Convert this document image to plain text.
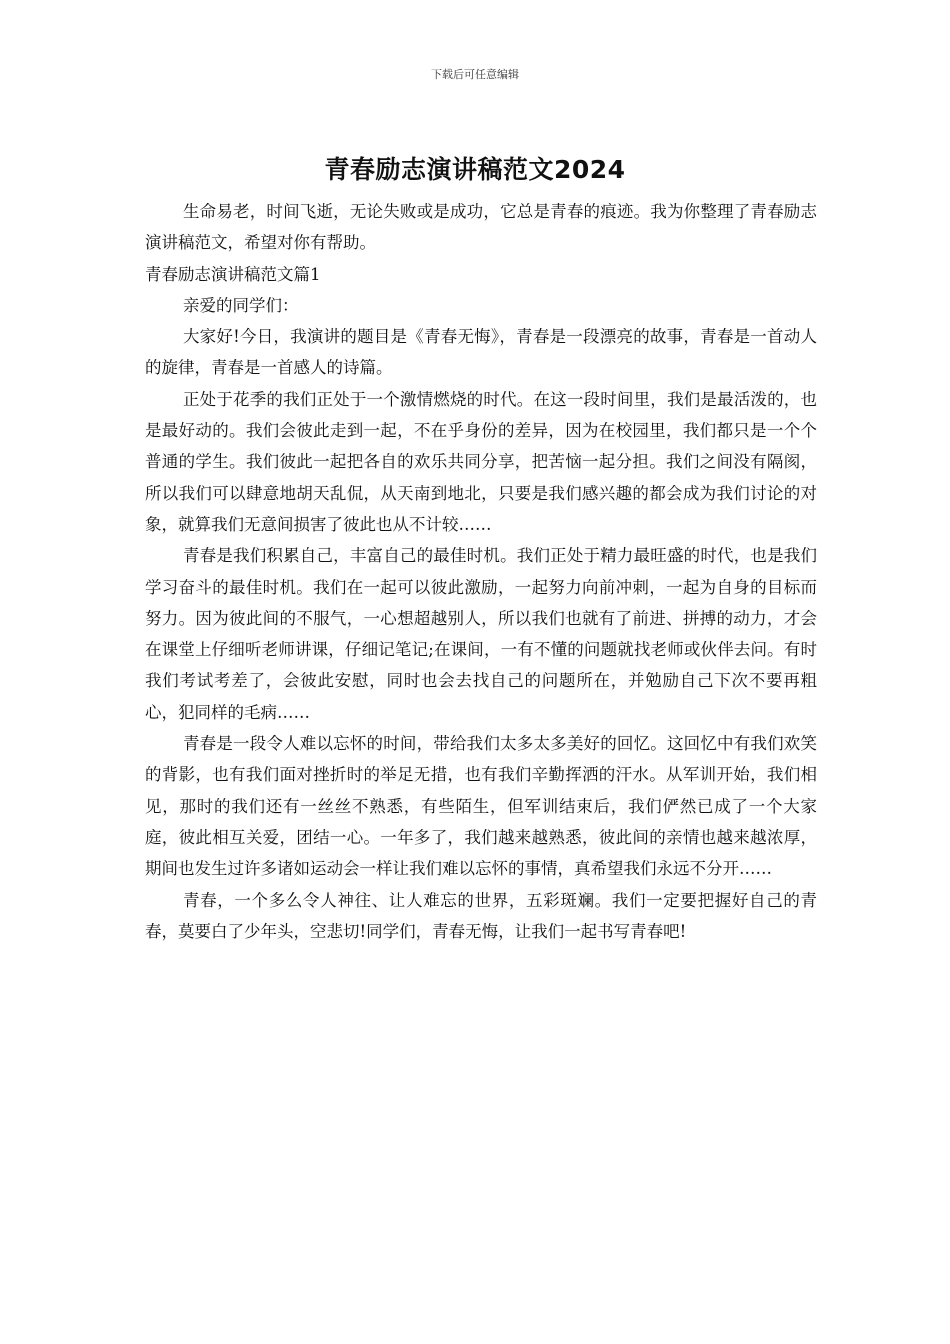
下载后可任意编辑
青春励志演讲稿范文2024

生命易老，时间飞逝，无论失败或是成功，它总是青春的痕迹。我为你整理了青春励志演讲稿范文，希望对你有帮助。

青春励志演讲稿范文篇1

亲爱的同学们：

大家好!今日，我演讲的题目是《青春无悔》，青春是一段漂亮的故事，青春是一首动人的旋律，青春是一首感人的诗篇。

正处于花季的我们正处于一个激情燃烧的时代。在这一段时间里，我们是最活泼的，也是最好动的。我们会彼此走到一起，不在乎身份的差异，因为在校园里，我们都只是一个个普通的学生。我们彼此一起把各自的欢乐共同分享，把苦恼一起分担。我们之间没有隔阂，所以我们可以肆意地胡天乱侃，从天南到地北，只要是我们感兴趣的都会成为我们讨论的对象，就算我们无意间损害了彼此也从不计较……

青春是我们积累自己，丰富自己的最佳时机。我们正处于精力最旺盛的时代，也是我们学习奋斗的最佳时机。我们在一起可以彼此激励，一起努力向前冲刺，一起为自身的目标而努力。因为彼此间的不服气，一心想超越别人，所以我们也就有了前进、拼搏的动力，才会在课堂上仔细听老师讲课，仔细记笔记;在课间，一有不懂的问题就找老师或伙伴去问。有时我们考试考差了，会彼此安慰，同时也会去找自己的问题所在，并勉励自己下次不要再粗心，犯同样的毛病……

青春是一段令人难以忘怀的时间，带给我们太多太多美好的回忆。这回忆中有我们欢笑的背影，也有我们面对挫折时的举足无措，也有我们辛勤挥洒的汗水。从军训开始，我们相见，那时的我们还有一丝丝不熟悉，有些陌生，但军训结束后，我们俨然已成了一个大家庭，彼此相互关爱，团结一心。一年多了，我们越来越熟悉，彼此间的亲情也越来越浓厚，期间也发生过许多诸如运动会一样让我们难以忘怀的事情，真希望我们永远不分开……

青春，一个多么令人神往、让人难忘的世界，五彩斑斓。我们一定要把握好自己的青春，莫要白了少年头，空悲切!同学们，青春无悔，让我们一起书写青春吧!
